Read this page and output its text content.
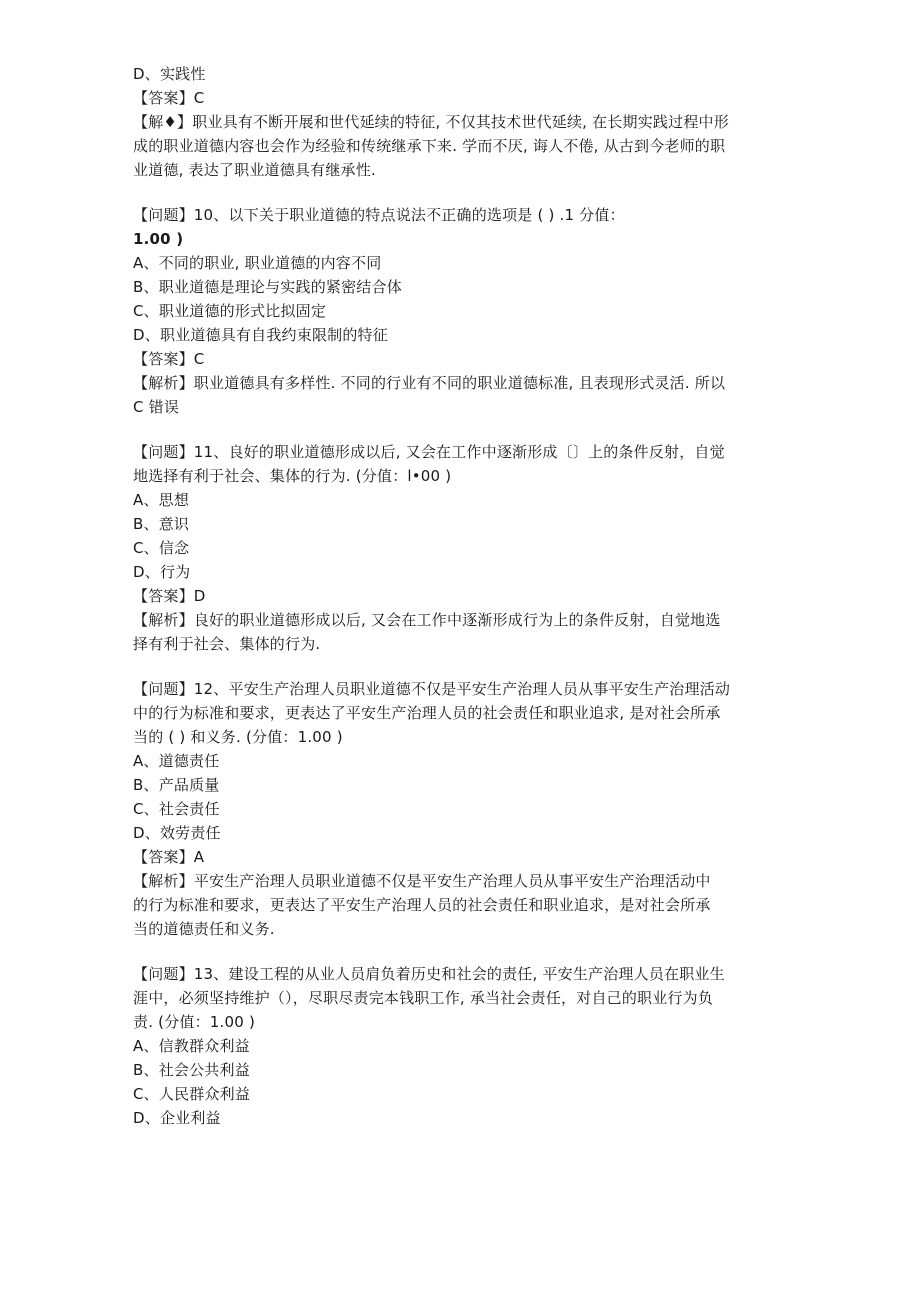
D、实践性
【答案】C
【解♦】职业具有不断开展和世代延续的特征, 不仅其技术世代延续, 在长期实践过程中形
成的职业道德内容也会作为经验和传统继承下来. 学而不厌, 诲人不倦, 从古到今老师的职
业道德, 表达了职业道德具有继承性.
【问题】10、以下关于职业道德的特点说法不正确的选项是 ( ) .1 分值：
1.00 )
A、不同的职业, 职业道德的内容不同
B、职业道德是理论与实践的紧密结合体
C、职业道德的形式比拟固定
D、职业道德具有自我约束限制的特征
【答案】C
【解析】职业道德具有多样性. 不同的行业有不同的职业道德标准, 且表现形式灵活. 所以
C 错误
【问题】11、良好的职业道德形成以后, 又会在工作中逐渐形成〔〕上的条件反射，自觉
地选择有利于社会、集体的行为. (分值：l•00 )
A、思想
B、意识
C、信念
D、行为
【答案】D
【解析】良好的职业道德形成以后, 又会在工作中逐渐形成行为上的条件反射，自觉地选
择有利于社会、集体的行为.
【问题】12、平安生产治理人员职业道德不仅是平安生产治理人员从事平安生产治理活动
中的行为标准和要求，更表达了平安生产治理人员的社会责任和职业追求, 是对社会所承
当的 ( ) 和义务. (分值：1.00 )
A、道德责任
B、产品质量
C、社会责任
D、效劳责任
【答案】A
【解析】平安生产治理人员职业道德不仅是平安生产治理人员从事平安生产治理活动中
的行为标准和要求，更表达了平安生产治理人员的社会责任和职业追求，是对社会所承
当的道德责任和义务.
【问题】13、建设工程的从业人员肩负着历史和社会的责任, 平安生产治理人员在职业生
涯中，必须坚持维护（），尽职尽责完本钱职工作, 承当社会责任，对自己的职业行为负
责. (分值：1.00 )
A、信教群众利益
B、社会公共利益
C、人民群众利益
D、企业利益
